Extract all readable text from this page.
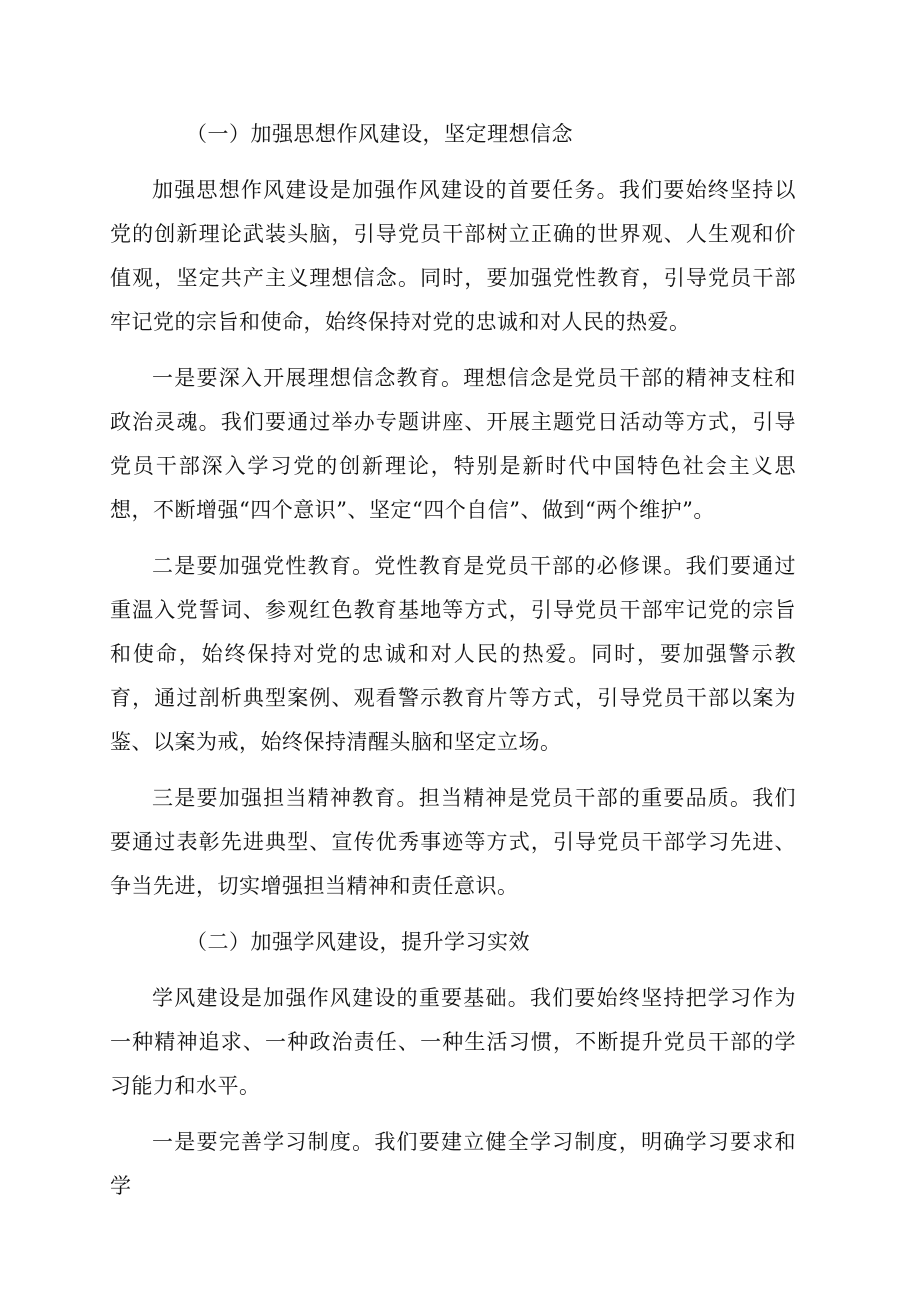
（一）加强思想作风建设，坚定理想信念

加强思想作风建设是加强作风建设的首要任务。我们要始终坚持以党的创新理论武装头脑，引导党员干部树立正确的世界观、人生观和价值观，坚定共产主义理想信念。同时，要加强党性教育，引导党员干部牢记党的宗旨和使命，始终保持对党的忠诚和对人民的热爱。

一是要深入开展理想信念教育。理想信念是党员干部的精神支柱和政治灵魂。我们要通过举办专题讲座、开展主题党日活动等方式，引导党员干部深入学习党的创新理论，特别是新时代中国特色社会主义思想，不断增强“四个意识”、坚定“四个自信”、做到“两个维护”。

二是要加强党性教育。党性教育是党员干部的必修课。我们要通过重温入党誓词、参观红色教育基地等方式，引导党员干部牢记党的宗旨和使命，始终保持对党的忠诚和对人民的热爱。同时，要加强警示教育，通过剖析典型案例、观看警示教育片等方式，引导党员干部以案为鉴、以案为戒，始终保持清醒头脑和坚定立场。

三是要加强担当精神教育。担当精神是党员干部的重要品质。我们要通过表彰先进典型、宣传优秀事迹等方式，引导党员干部学习先进、争当先进，切实增强担当精神和责任意识。

（二）加强学风建设，提升学习实效

学风建设是加强作风建设的重要基础。我们要始终坚持把学习作为一种精神追求、一种政治责任、一种生活习惯，不断提升党员干部的学习能力和水平。

一是要完善学习制度。我们要建立健全学习制度，明确学习要求和学
